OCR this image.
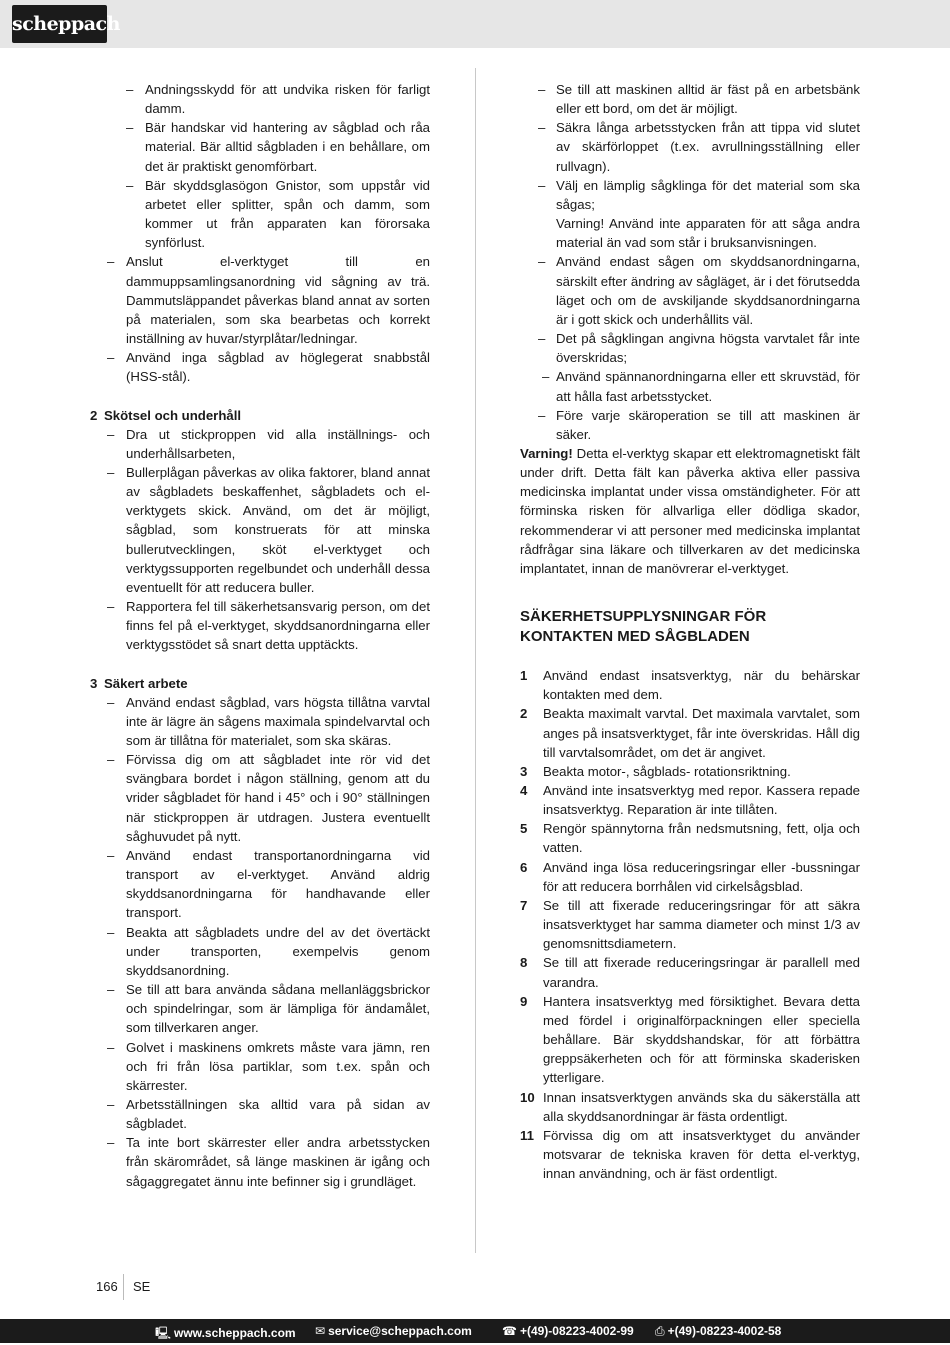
scheppach
– Andningsskydd för att undvika risken för farligt damm.
– Bär handskar vid hantering av sågblad och råa material. Bär alltid sågbladen i en behållare, om det är praktiskt genomförbart.
– Bär skyddsglasögon Gnistor, som uppstår vid arbetet eller splitter, spån och damm, som kommer ut från apparaten kan förorsaka synförlust.
– Anslut el-verktyget till en dammuppsamlingsanordning vid sågning av trä. Dammutsläppandet påverkas bland annat av sorten på materialen, som ska bearbetas och korrekt inställning av huvar/styrplåtar/ledningar.
– Använd inga sågblad av höglegerat snabbstål (HSS-stål).
2 Skötsel och underhåll
– Dra ut stickproppen vid alla inställnings- och underhållsarbeten,
– Bullerplågan påverkas av olika faktorer, bland annat av sågbladets beskaffenhet, sågbladets och el-verktygets skick. Använd, om det är möjligt, sågblad, som konstruerats för att minska bullerutvecklingen, sköt el-verktyget och verktygssupporten regelbundet och underhåll dessa eventuellt för att reducera buller.
– Rapportera fel till säkerhetsansvarig person, om det finns fel på el-verktyget, skyddsanordningarna eller verktygsstödet så snart detta upptäckts.
3 Säkert arbete
– Använd endast sågblad, vars högsta tillåtna varvtal inte är lägre än sågens maximala spindelvarvtal och som är tillåtna för materialet, som ska skäras.
– Förvissa dig om att sågbladet inte rör vid det svängbara bordet i någon ställning, genom att du vrider sågbladet för hand i 45° och i 90° ställningen när stickproppen är utdragen. Justera eventuellt såghuvudet på nytt.
– Använd endast transportanordningarna vid transport av el-verktyget. Använd aldrig skyddsanordningarna för handhavande eller transport.
– Beakta att sågbladets undre del av det övertäckt under transporten, exempelvis genom skyddsanordning.
– Se till att bara använda sådana mellanläggsbrickor och spindelringar, som är lämpliga för ändamålet, som tillverkaren anger.
– Golvet i maskinens omkrets måste vara jämn, ren och fri från lösa partiklar, som t.ex. spån och skärrester.
– Arbetsställningen ska alltid vara på sidan av sågbladet.
– Ta inte bort skärrester eller andra arbetsstycken från skärområdet, så länge maskinen är igång och sågaggregatet ännu inte befinner sig i grundläget.
– Se till att maskinen alltid är fäst på en arbetsbänk eller ett bord, om det är möjligt.
– Säkra långa arbetsstycken från att tippa vid slutet av skärförloppet (t.ex. avrullningsställning eller rullvagn).
– Välj en lämplig sågklinga för det material som ska sågas;
Varning! Använd inte apparaten för att såga andra material än vad som står i bruksanvisningen.
– Använd endast sågen om skyddsanordningarna, särskilt efter ändring av sågläget, är i det förutsedda läget och om de avskiljande skyddsanordningarna är i gott skick och underhållits väl.
– Det på sågklingan angivna högsta varvtalet får inte överskridas;
– Använd spännanordningarna eller ett skruvstäd, för att hålla fast arbetsstycket.
– Före varje skäroperation se till att maskinen är säker.
Varning! Detta el-verktyg skapar ett elektromagnetiskt fält under drift. Detta fält kan påverka aktiva eller passiva medicinska implantat under vissa omständigheter. För att förminska risken för allvarliga eller dödliga skador, rekommenderar vi att personer med medicinska implantat rådfrågar sina läkare och tillverkaren av det medicinska implantatet, innan de manövrerar el-verktyget.
SÄKERHETSUPPLYSNINGAR FÖR
KONTAKTEN MED SÅGBLADEN
1 Använd endast insatsverktyg, när du behärskar kontakten med dem.
2 Beakta maximalt varvtal. Det maximala varvtalet, som anges på insatsverktyget, får inte överskridas. Håll dig till varvtalsområdet, om det är angivet.
3 Beakta motor-, sågblads- rotationsriktning.
4 Använd inte insatsverktyg med repor. Kassera repade insatsverktyg. Reparation är inte tillåten.
5 Rengör spännytorna från nedsmutsning, fett, olja och vatten.
6 Använd inga lösa reduceringsringar eller -bussningar för att reducera borrhålen vid cirkelsågsblad.
7 Se till att fixerade reduceringsringar för att säkra insatsverktyget har samma diameter och minst 1/3 av genomsnittsdiametern.
8 Se till att fixerade reduceringsringar är parallell med varandra.
9 Hantera insatsverktyg med försiktighet. Bevara detta med fördel i originalförpackningen eller speciella behållare. Bär skyddshandskar, för att förbättra greppsäkerheten och för att förminska skaderisken ytterligare.
10 Innan insatsverktygen används ska du säkerställa att alla skyddsanordningar är fästa ordentligt.
11 Förvissa dig om att insatsverktyget du använder motsvarar de tekniska kraven för detta el-verktyg, innan användning, och är fäst ordentligt.
166 SE
🖳 www.scheppach.com ✉ service@scheppach.com	☎ +(49)-08223-4002-99 ⎙ +(49)-08223-4002-58
